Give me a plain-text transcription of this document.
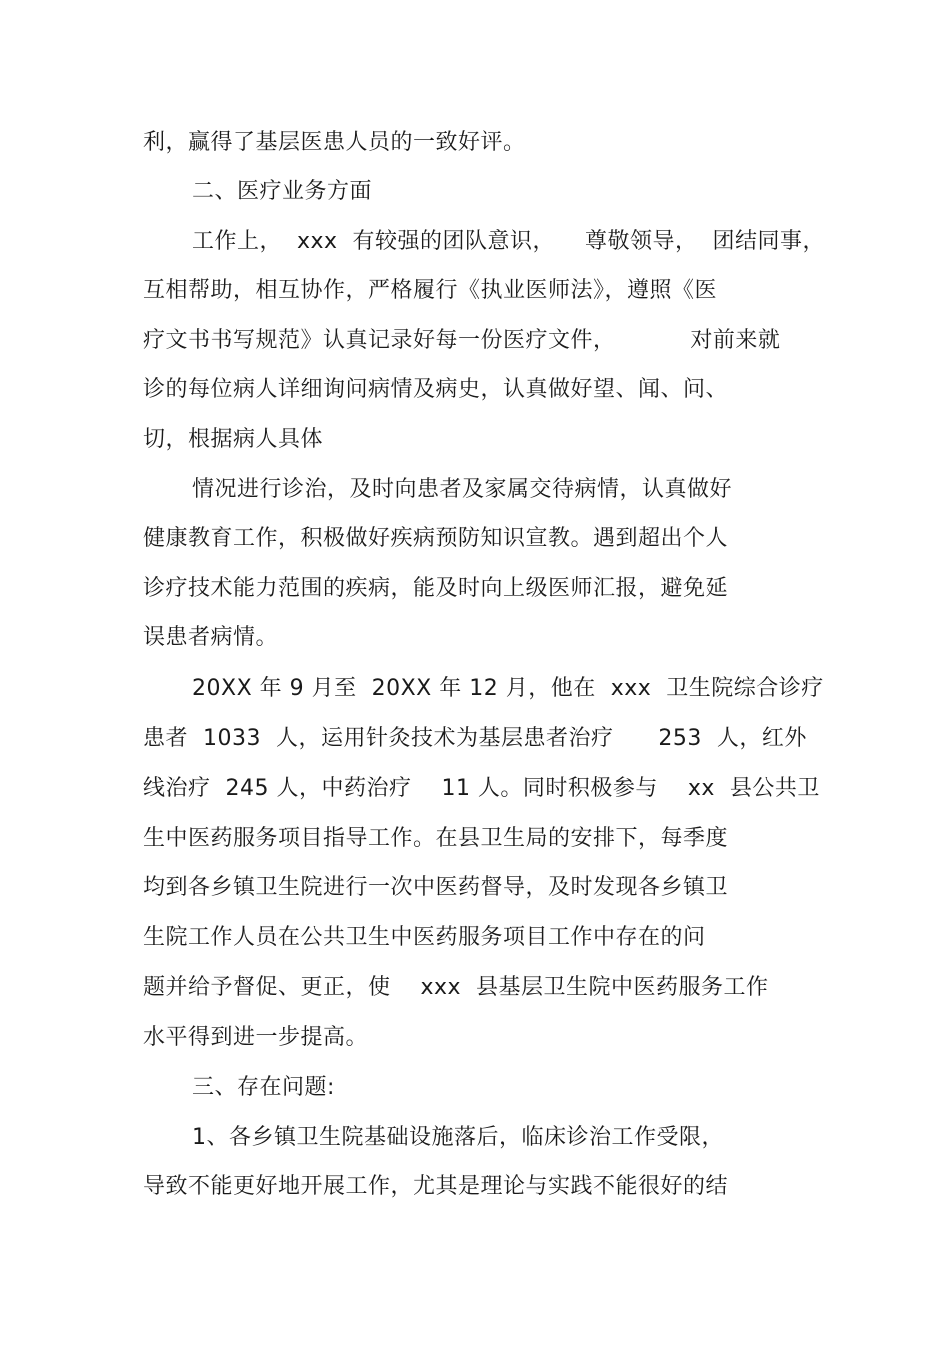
利，赢得了基层医患人员的一致好评。
二、医疗业务方面
工作上，  xxx  有较强的团队意识，    尊敬领导，  团结同事，
互相帮助，相互协作，严格履行《执业医师法》，遵照《医
疗文书书写规范》认真记录好每一份医疗文件，          对前来就
诊的每位病人详细询问病情及病史，认真做好望、闻、问、
切，根据病人具体
情况进行诊治，及时向患者及家属交待病情，认真做好
健康教育工作，积极做好疾病预防知识宣教。遇到超出个人
诊疗技术能力范围的疾病，能及时向上级医师汇报，避免延
误患者病情。
20XX 年 9 月至  20XX 年 12 月，他在  xxx  卫生院综合诊疗
患者  1033  人，运用针灸技术为基层患者治疗      253  人，红外
线治疗  245 人，中药治疗    11 人。同时积极参与    xx  县公共卫
生中医药服务项目指导工作。在县卫生局的安排下，每季度
均到各乡镇卫生院进行一次中医药督导，及时发现各乡镇卫
生院工作人员在公共卫生中医药服务项目工作中存在的问
题并给予督促、更正，使    xxx  县基层卫生院中医药服务工作
水平得到进一步提高。
三、存在问题:
1、各乡镇卫生院基础设施落后，临床诊治工作受限，
导致不能更好地开展工作，尤其是理论与实践不能很好的结
